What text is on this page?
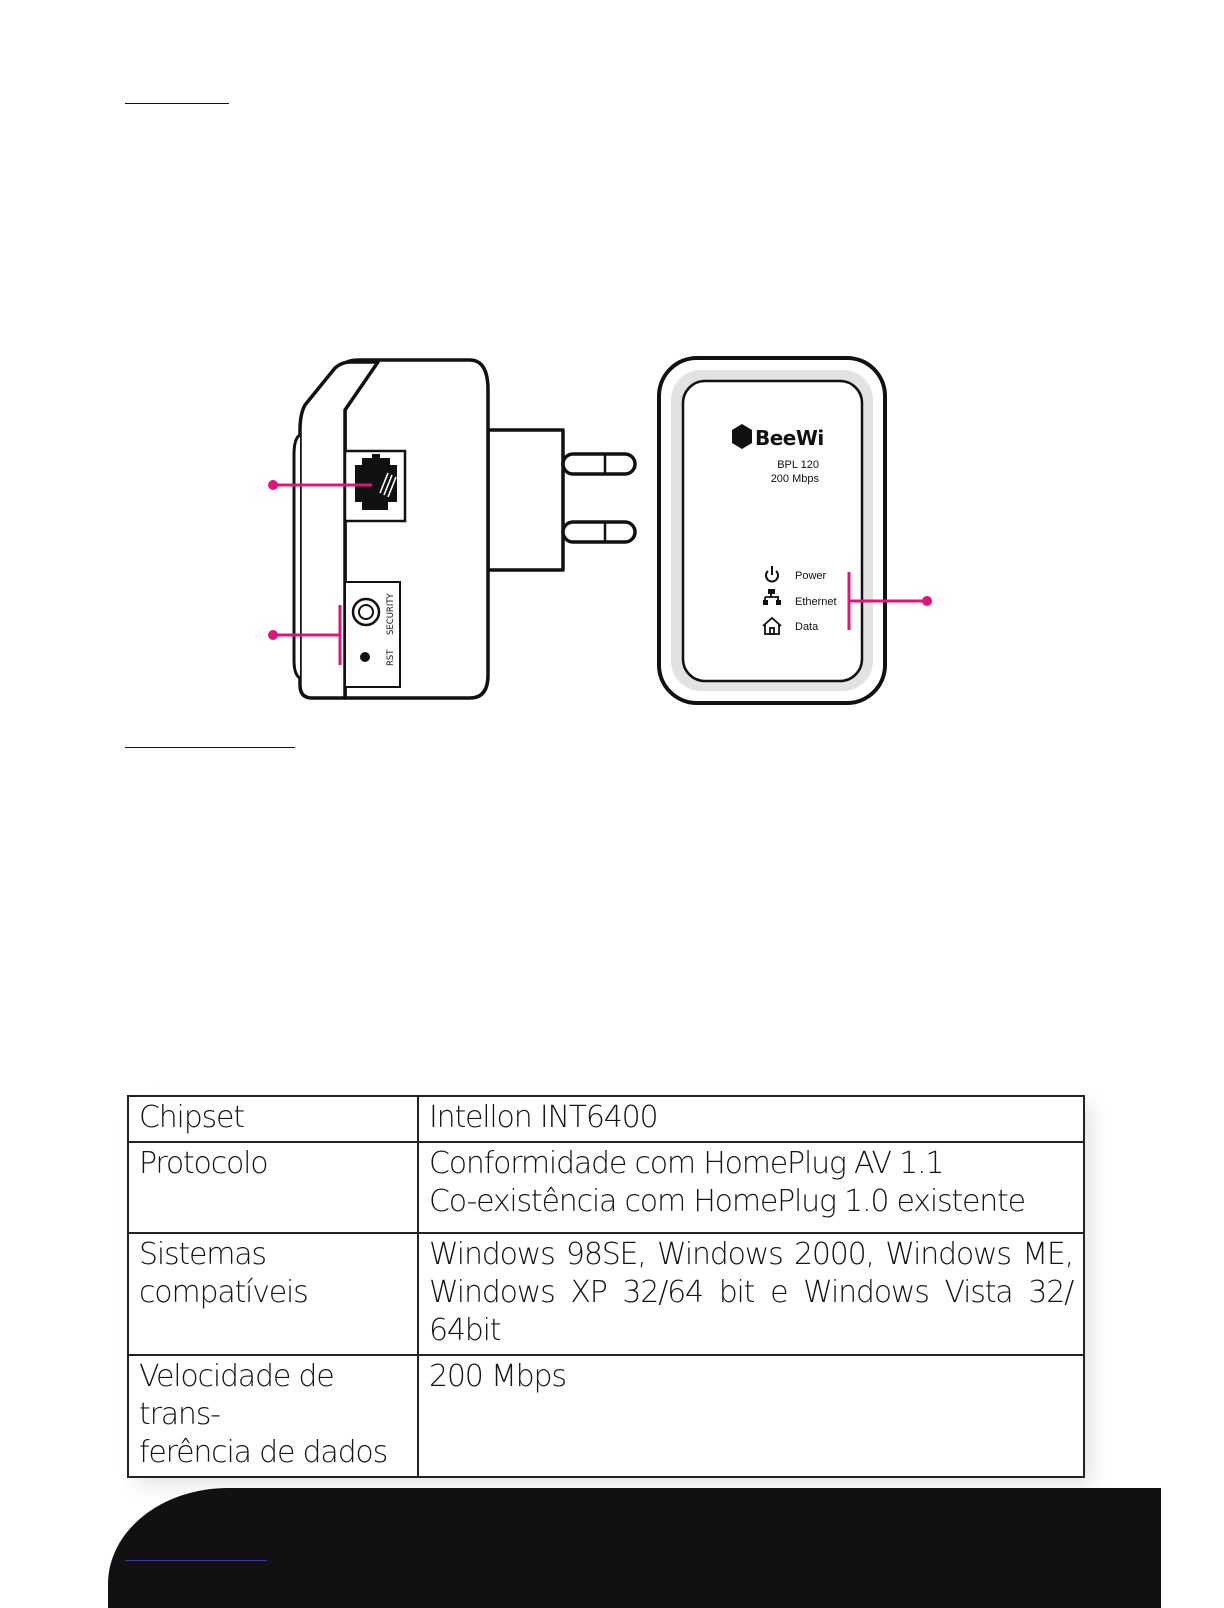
SECURITY
RST
BeeWi
BPL 120
200 Mbps
Power
Ethernet
Data
Chipset	Intellon INT6400

Protocolo	Conformidade com HomePlug AV 1.1
Co-existência com HomePlug 1.0 existente

Sistemas
compatíveis	Windows 98SE, Windows 2000, Windows ME, Windows XP 32/64 bit e Windows Vista 32/ 64bit

Velocidade de trans-
ferência de dados	200 Mbps
